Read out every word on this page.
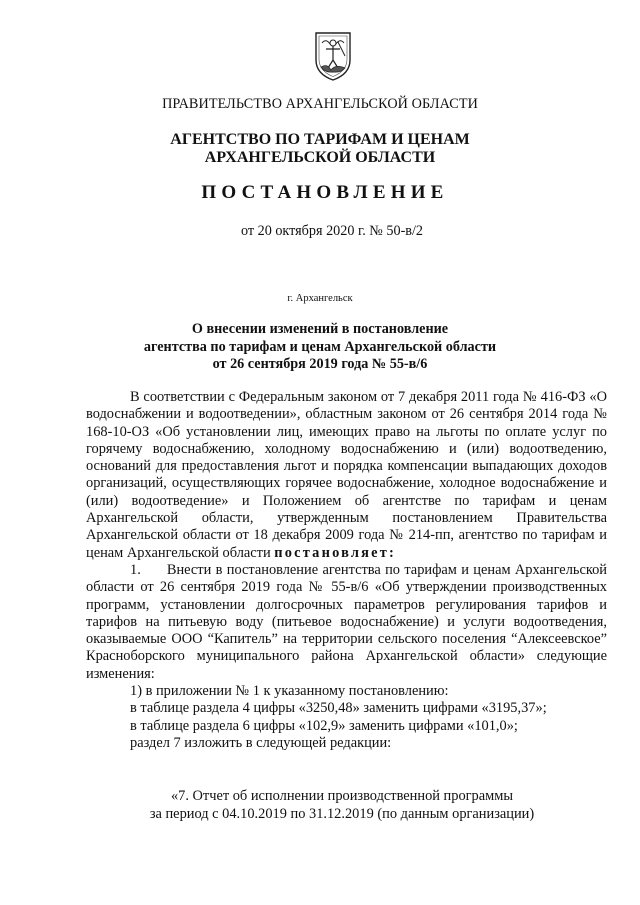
ПРАВИТЕЛЬСТВО АРХАНГЕЛЬСКОЙ ОБЛАСТИ
АГЕНТСТВО ПО ТАРИФАМ И ЦЕНАМ
АРХАНГЕЛЬСКОЙ ОБЛАСТИ
ПОСТАНОВЛЕНИЕ
от 20 октября 2020 г. № 50-в/2
г. Архангельск
О внесении изменений в постановление
агентства по тарифам и ценам Архангельской области
от 26 сентября 2019 года № 55-в/6

В соответствии с Федеральным законом от 7 декабря 2011 года № 416-ФЗ «О водоснабжении и водоотведении», областным законом от 26 сентября 2014 года № 168-10-ОЗ «Об установлении лиц, имеющих право на льготы по оплате услуг по горячему водоснабжению, холодному водоснабжению и (или) водоотведению, оснований для предоставления льгот и порядка компенсации выпадающих доходов организаций, осуществляющих горячее водоснабжение, холодное водоснабжение и (или) водоотведение» и Положением об агентстве по тарифам и ценам Архангельской области, утвержденным постановлением Правительства Архангельской области от 18 декабря 2009 года № 214-пп, агентство по тарифам и ценам Архангельской области постановляет:

1. Внести в постановление агентства по тарифам и ценам Архангельской области от 26 сентября 2019 года № 55-в/6 «Об утверждении производственных программ, установлении долгосрочных параметров регулирования тарифов и тарифов на питьевую воду (питьевое водоснабжение) и услуги водоотведения, оказываемые ООО “Капитель” на территории сельского поселения “Алексеевское” Красноборского муниципального района Архангельской области» следующие изменения:

1) в приложении № 1 к указанному постановлению:

в таблице раздела 4 цифры «3250,48» заменить цифрами «3195,37»;

в таблице раздела 6 цифры «102,9» заменить цифрами «101,0»;

раздел 7 изложить в следующей редакции:

«7. Отчет об исполнении производственной программы
за период с 04.10.2019 по 31.12.2019 (по данным организации)
